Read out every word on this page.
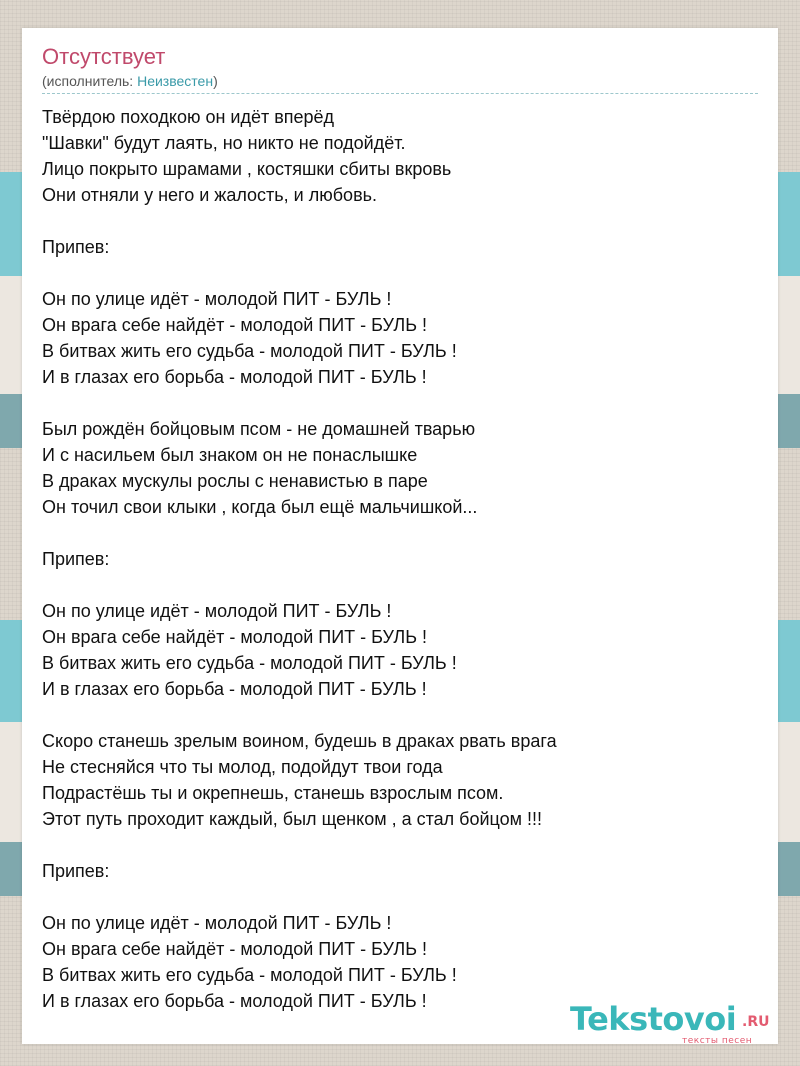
Отсутствует
(исполнитель: Неизвестен)
Твёрдою походкою он идёт вперёд
"Шавки" будут лаять, но никто не подойдёт.
Лицо покрыто шрамами , костяшки сбиты вкровь
Они отняли у него и жалость, и любовь.
Припев:
Он по улице идёт - молодой ПИТ - БУЛЬ !
Он врага себе найдёт - молодой ПИТ - БУЛЬ !
В битвах жить его судьба - молодой ПИТ - БУЛЬ !
И в глазах его борьба - молодой ПИТ - БУЛЬ !
Был рождён бойцовым псом - не домашней тварью
И с насильем был знаком он не понаслышке
В драках мускулы рослы с ненавистью в паре
Он точил свои клыки , когда был ещё мальчишкой...
Припев:
Он по улице идёт - молодой ПИТ - БУЛЬ !
Он врага себе найдёт - молодой ПИТ - БУЛЬ !
В битвах жить его судьба - молодой ПИТ - БУЛЬ !
И в глазах его борьба - молодой ПИТ - БУЛЬ !
Скоро станешь зрелым воином, будешь в драках рвать врага
Не стесняйся что ты молод, подойдут твои года
Подрастёшь ты и окрепнешь, станешь взрослым псом.
Этот путь проходит каждый, был щенком , а стал бойцом !!!
Припев:
Он по улице идёт - молодой ПИТ - БУЛЬ !
Он врага себе найдёт - молодой ПИТ - БУЛЬ !
В битвах жить его судьба - молодой ПИТ - БУЛЬ !
И в глазах его борьба - молодой ПИТ - БУЛЬ !	Tekstovoi .RU
тексты песен
